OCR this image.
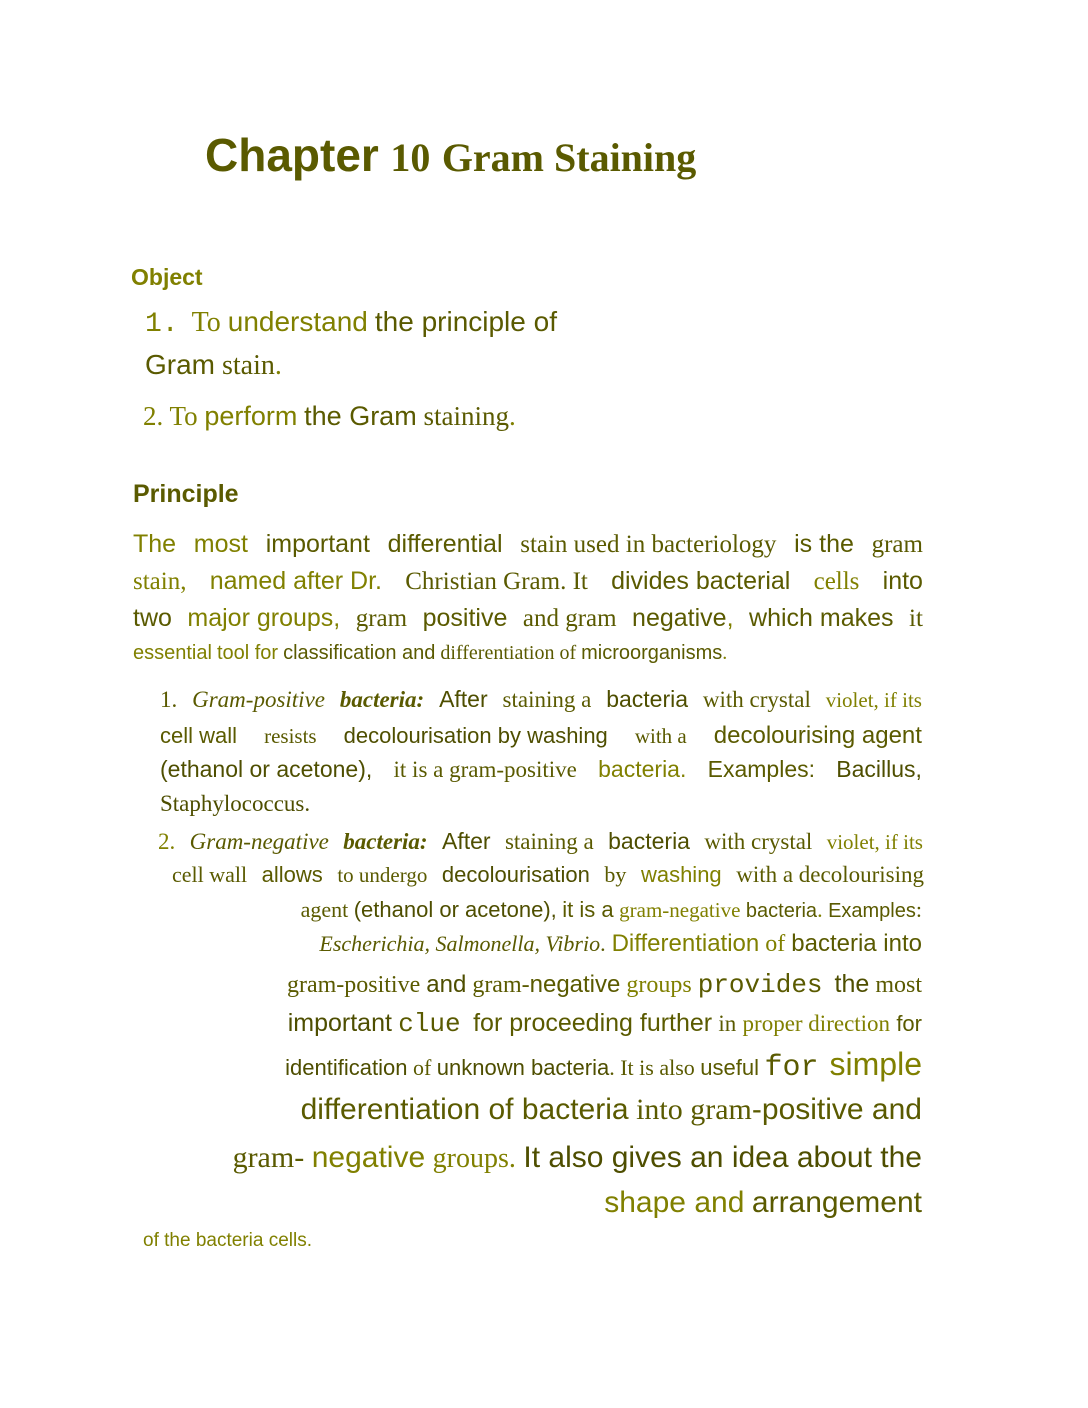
Chapter 10 Gram Staining
Object
1. To understand the principle of
Gram stain.
2. To perform the Gram staining.
Principle
The most important differential stain used in bacteriology is the gram
stain, named after Dr. Christian Gram. It divides bacterial cells into
two major groups, gram positive and gram negative, which makes it
essential tool for classification and differentiation of microorganisms.
1. Gram-positive bacteria: After staining a bacteria with crystal violet, if its
cell wall resists decolourisation by washing with a decolourising agent
(ethanol or acetone), it is a gram-positive bacteria. Examples: Bacillus,
Staphylococcus.
2. Gram-negative bacteria: After staining a bacteria with crystal violet, if its
cell wall allows to undergo decolourisation by washing with a decolourising
agent
(ethanol or acetone),
it is a
gram-negative
bacteria .
Examples :
Escherichia, Salmonella, Vibrio .
Differentiation
of
bacteria into
gram-positive
and
gram- negative
groups
provides
the
most
important
clue
for proceeding further
in
proper direction
for
identification
of
unknown bacteria . It is also
useful
for
simple
differentiation of bacteria
into gram -positive and
gram-
negative
groups.
It also gives an idea about the
shape and
arrangement
of the bacteria cells.
